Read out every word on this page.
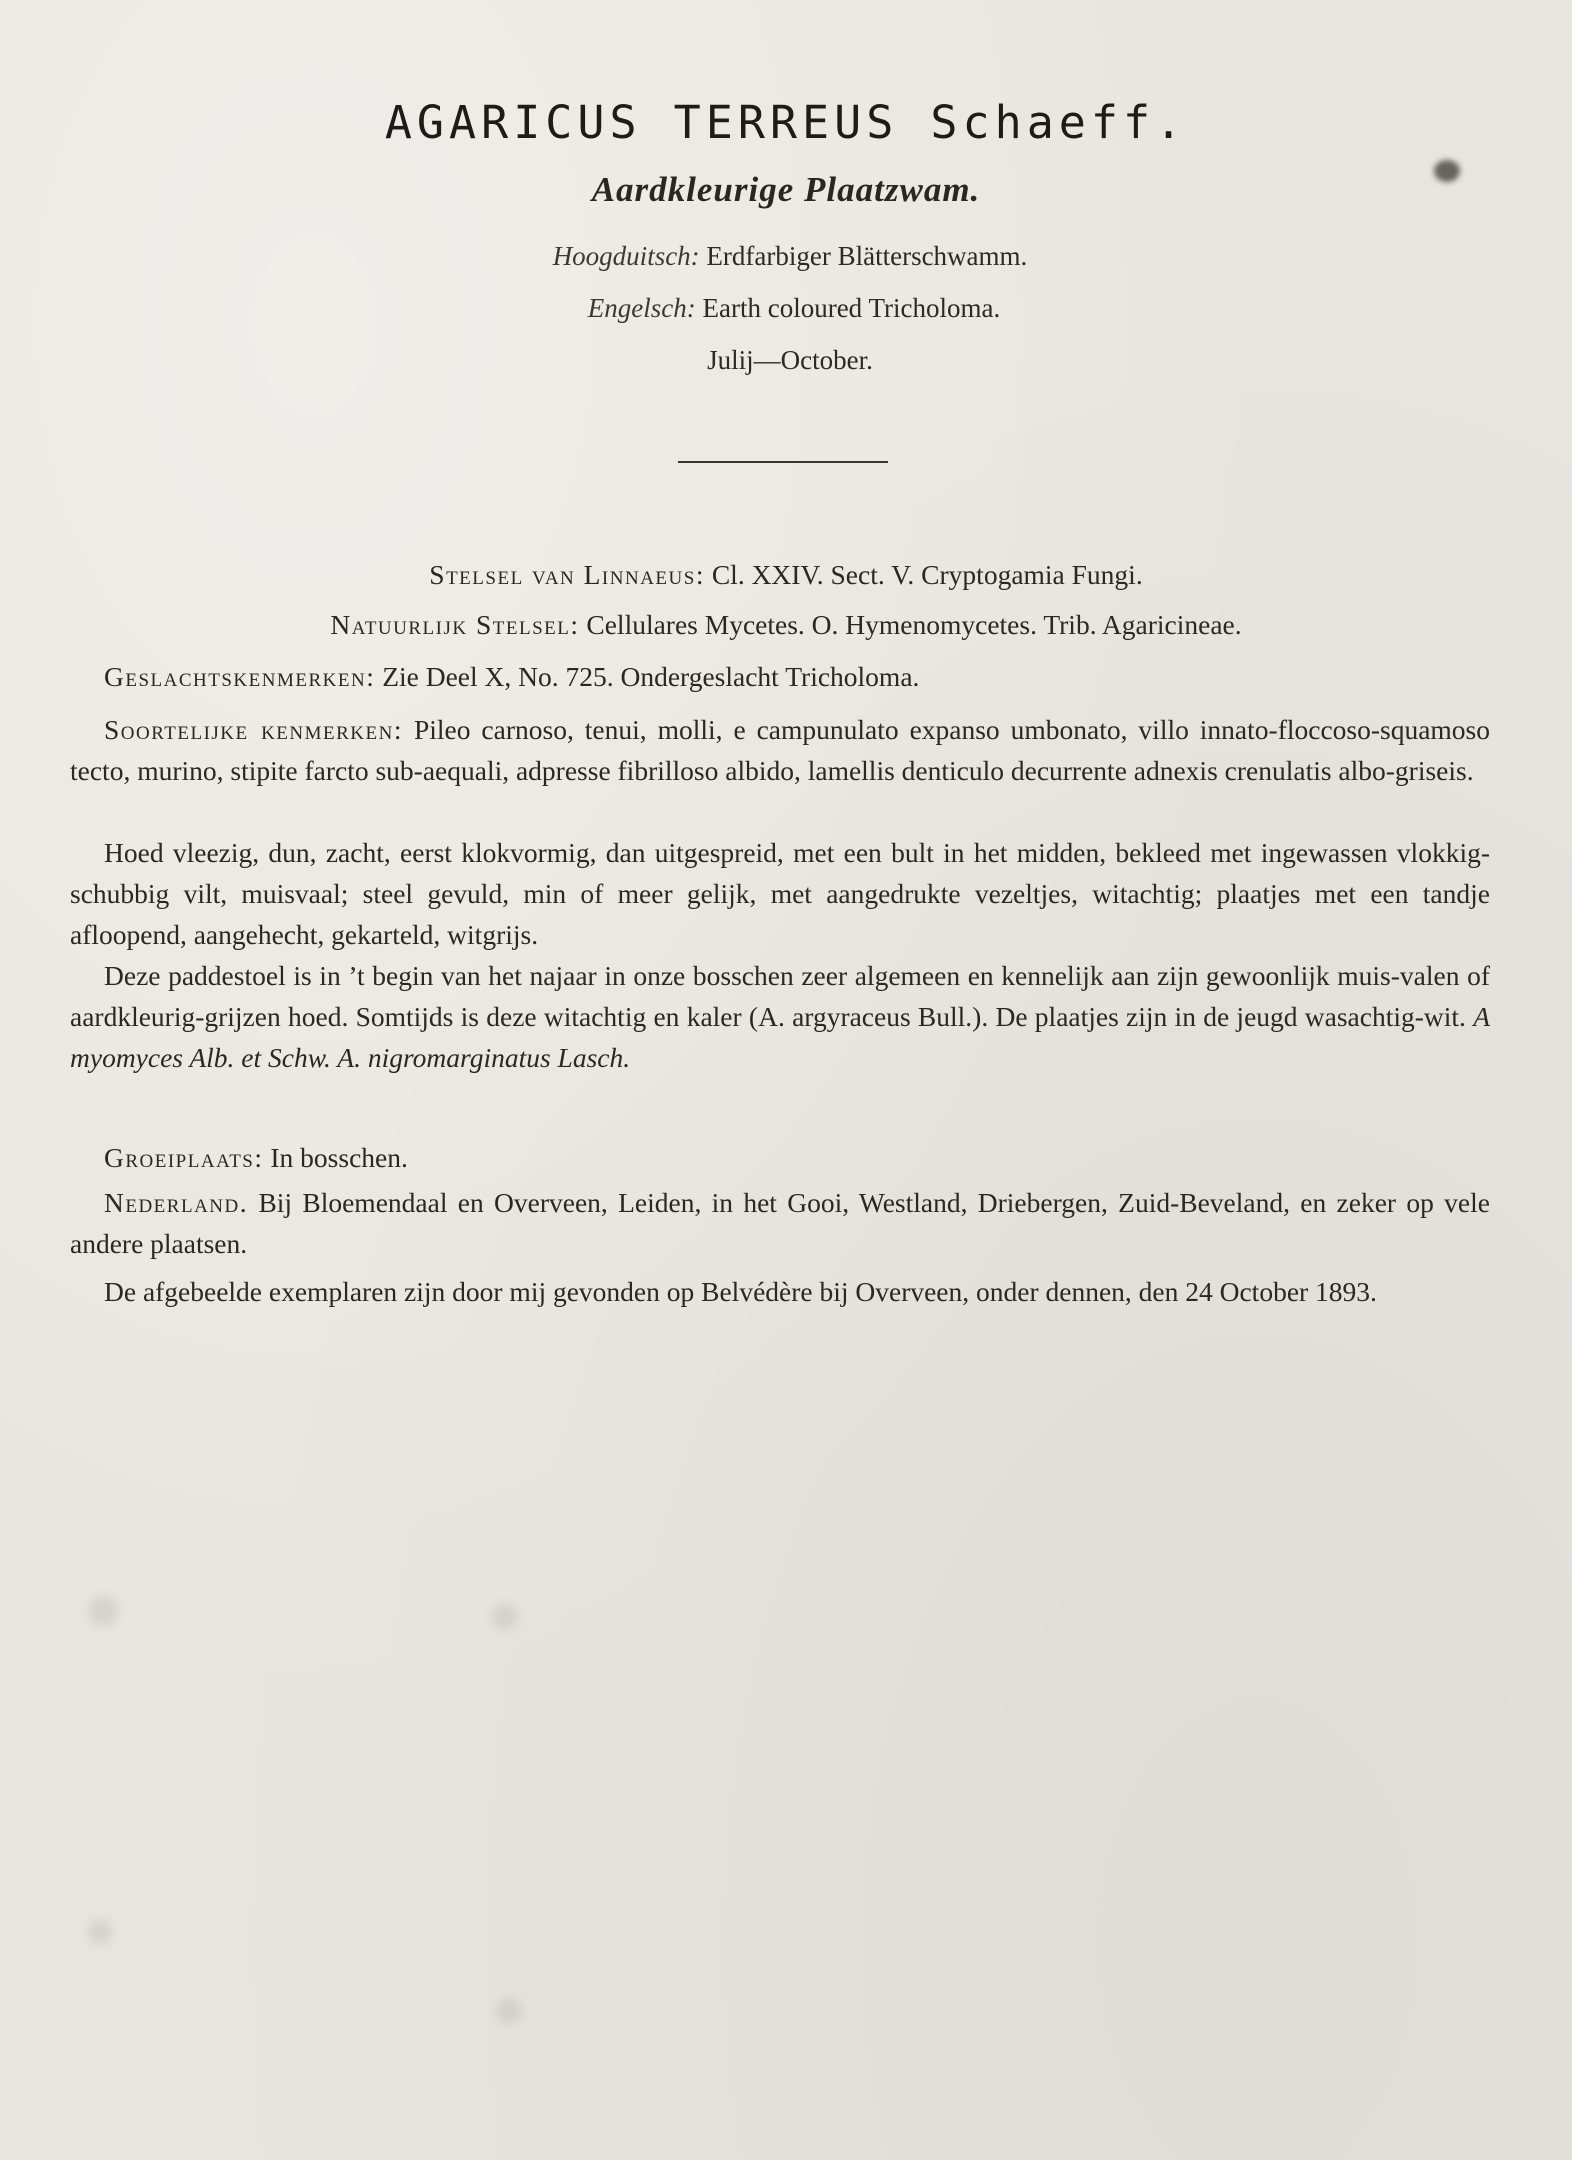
AGARICUS TERREUS Schaeff.
Aardkleurige Plaatzwam.
Hoogduitsch: Erdfarbiger Blätterschwamm.
Engelsch: Earth coloured Tricholoma.
Julij—October.
Stelsel van Linnaeus: Cl. XXIV. Sect. V. Cryptogamia Fungi.
Natuurlijk Stelsel: Cellulares Mycetes. O. Hymenomycetes. Trib. Agaricineae.
Geslachtskenmerken: Zie Deel X, No. 725. Ondergeslacht Tricholoma.
Soortelijke kenmerken: Pileo carnoso, tenui, molli, e campunulato expanso umbonato, villo innato-floccoso-squamoso tecto, murino, stipite farcto sub-aequali, adpresse fibrilloso albido, lamellis denticulo decurrente adnexis crenulatis albo-griseis.
Hoed vleezig, dun, zacht, eerst klokvormig, dan uitgespreid, met een bult in het midden, bekleed met ingewassen vlokkig-schubbig vilt, muisvaal; steel gevuld, min of meer gelijk, met aangedrukte vezeltjes, witachtig; plaatjes met een tandje afloopend, aangehecht, gekarteld, witgrijs.
Deze paddestoel is in ’t begin van het najaar in onze bosschen zeer algemeen en kennelijk aan zijn gewoonlijk muis-valen of aardkleurig-grijzen hoed. Somtijds is deze witachtig en kaler (A. argyraceus Bull.). De plaatjes zijn in de jeugd wasachtig-wit. A myomyces Alb. et Schw. A. nigromarginatus Lasch.
Groeiplaats: In bosschen.
Nederland. Bij Bloemendaal en Overveen, Leiden, in het Gooi, Westland, Driebergen, Zuid-Beveland, en zeker op vele andere plaatsen.
De afgebeelde exemplaren zijn door mij gevonden op Belvédère bij Overveen, onder dennen, den 24 October 1893.
